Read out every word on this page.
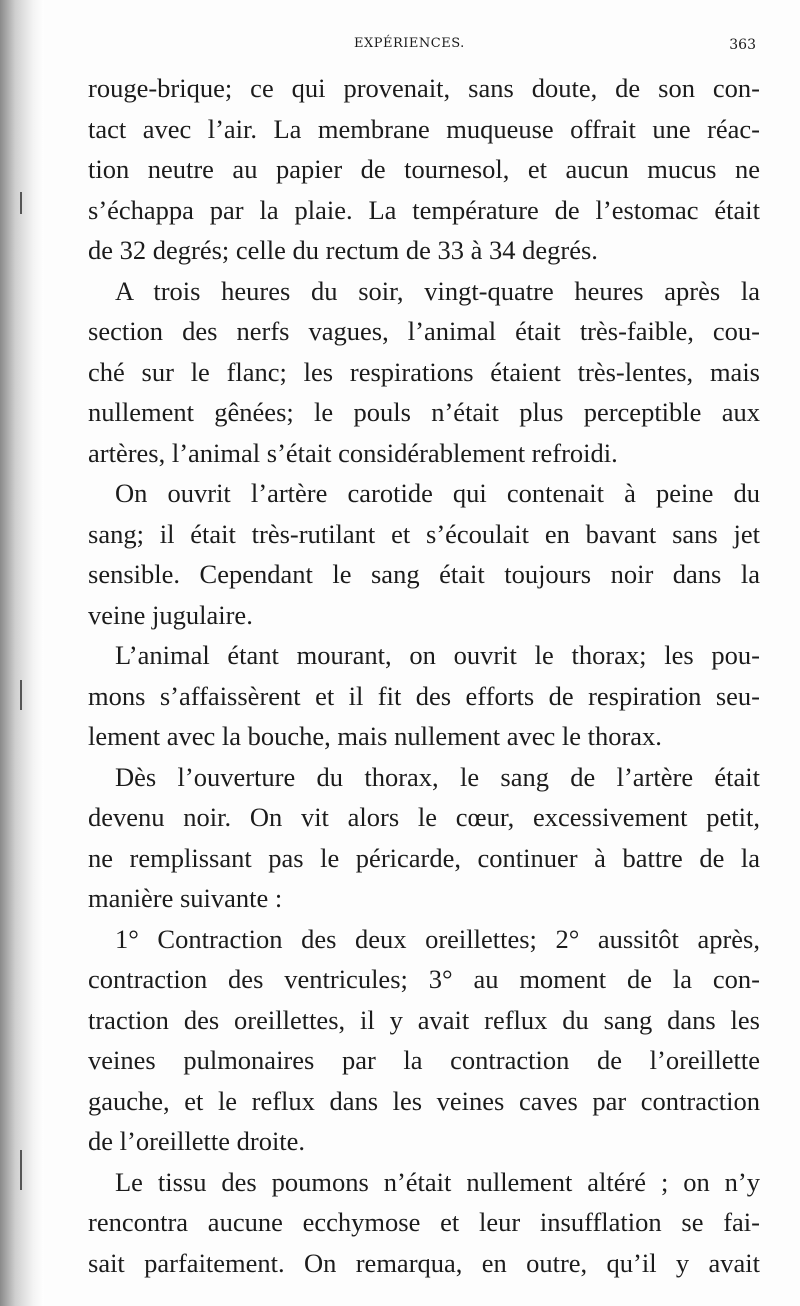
EXPÉRIENCES.	363
rouge-brique; ce qui provenait, sans doute, de son con-
tact avec l’air. La membrane muqueuse offrait une réac-
tion neutre au papier de tournesol, et aucun mucus ne
s’échappa par la plaie. La température de l’estomac était
de 32 degrés; celle du rectum de 33 à 34 degrés.
A trois heures du soir, vingt-quatre heures après la
section des nerfs vagues, l’animal était très-faible, cou-
ché sur le flanc; les respirations étaient très-lentes, mais
nullement gênées; le pouls n’était plus perceptible aux
artères, l’animal s’était considérablement refroidi.
On ouvrit l’artère carotide qui contenait à peine du
sang; il était très-rutilant et s’écoulait en bavant sans jet
sensible. Cependant le sang était toujours noir dans la
veine jugulaire.
L’animal étant mourant, on ouvrit le thorax; les pou-
mons s’affaissèrent et il fit des efforts de respiration seu-
lement avec la bouche, mais nullement avec le thorax.
Dès l’ouverture du thorax, le sang de l’artère était
devenu noir. On vit alors le cœur, excessivement petit,
ne remplissant pas le péricarde, continuer à battre de la
manière suivante :
1° Contraction des deux oreillettes; 2° aussitôt après,
contraction des ventricules; 3° au moment de la con-
traction des oreillettes, il y avait reflux du sang dans les
veines pulmonaires par la contraction de l’oreillette
gauche, et le reflux dans les veines caves par contraction
de l’oreillette droite.
Le tissu des poumons n’était nullement altéré ; on n’y
rencontra aucune ecchymose et leur insufflation se fai-
sait parfaitement. On remarqua, en outre, qu’il y avait
